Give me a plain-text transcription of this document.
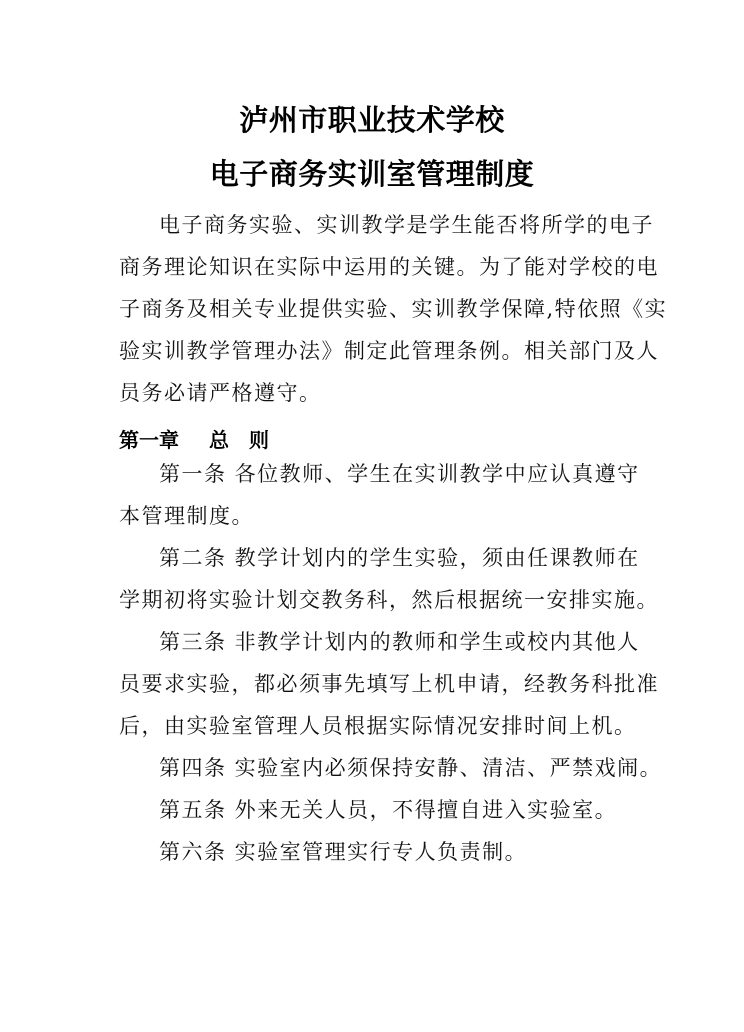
泸州市职业技术学校
电子商务实训室管理制度
电子商务实验、实训教学是学生能否将所学的电子
商务理论知识在实际中运用的关键。为了能对学校的电
子商务及相关专业提供实验、实训教学保障,特依照《实
验实训教学管理办法》制定此管理条例。相关部门及人
员务必请严格遵守。
第一章 总　则
第一条 各位教师、学生在实训教学中应认真遵守
本管理制度。
第二条 教学计划内的学生实验，须由任课教师在
学期初将实验计划交教务科，然后根据统一安排实施。
第三条 非教学计划内的教师和学生或校内其他人
员要求实验，都必须事先填写上机申请，经教务科批准
后，由实验室管理人员根据实际情况安排时间上机。
第四条 实验室内必须保持安静、清洁、严禁戏闹。
第五条 外来无关人员，不得擅自进入实验室。
第六条 实验室管理实行专人负责制。
